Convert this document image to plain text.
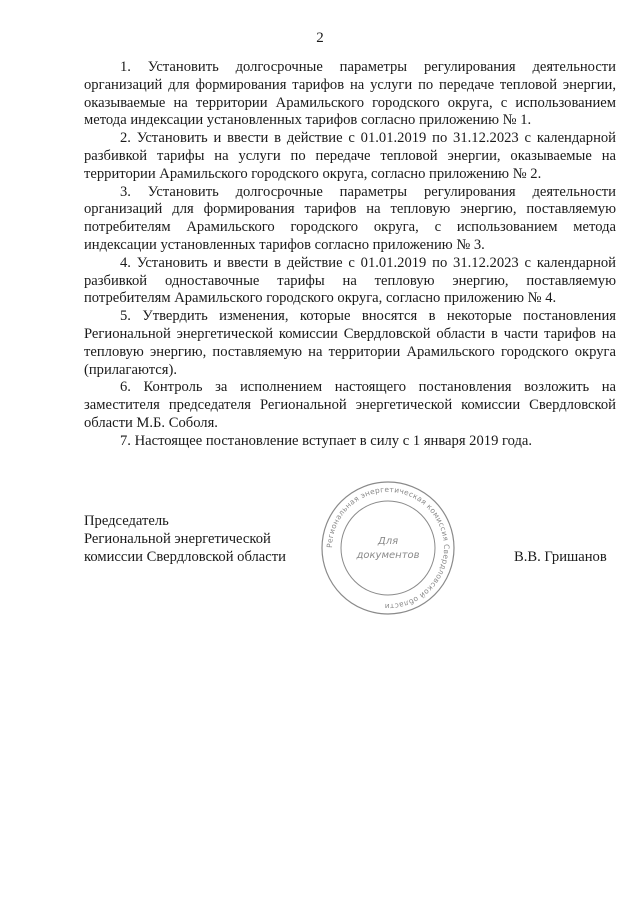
2

1. Установить долгосрочные параметры регулирования деятельности организаций для формирования тарифов на услуги по передаче тепловой энергии, оказываемые на территории Арамильского городского округа, с использованием метода индексации установленных тарифов согласно приложению № 1.

2. Установить и ввести в действие с 01.01.2019 по 31.12.2023 с календарной разбивкой тарифы на услуги по передаче тепловой энергии, оказываемые на территории Арамильского городского округа, согласно приложению № 2.

3. Установить долгосрочные параметры регулирования деятельности организаций для формирования тарифов на тепловую энергию, поставляемую потребителям Арамильского городского округа, с использованием метода индексации установленных тарифов согласно приложению № 3.

4. Установить и ввести в действие с 01.01.2019 по 31.12.2023 с календарной разбивкой одноставочные тарифы на тепловую энергию, поставляемую потребителям Арамильского городского округа, согласно приложению № 4.

5. Утвердить изменения, которые вносятся в некоторые постановления Региональной энергетической комиссии Свердловской области в части тарифов на тепловую энергию, поставляемую на территории Арамильского городского округа (прилагаются).

6. Контроль за исполнением настоящего постановления возложить на заместителя председателя Региональной энергетической комиссии Свердловской области М.Б. Соболя.

7. Настоящее постановление вступает в силу с 1 января 2019 года.

Председатель
Региональной энергетической
комиссии Свердловской области
Региональная энергетическая комиссия Свердловской области
Для
документов	В.В. Гришанов
